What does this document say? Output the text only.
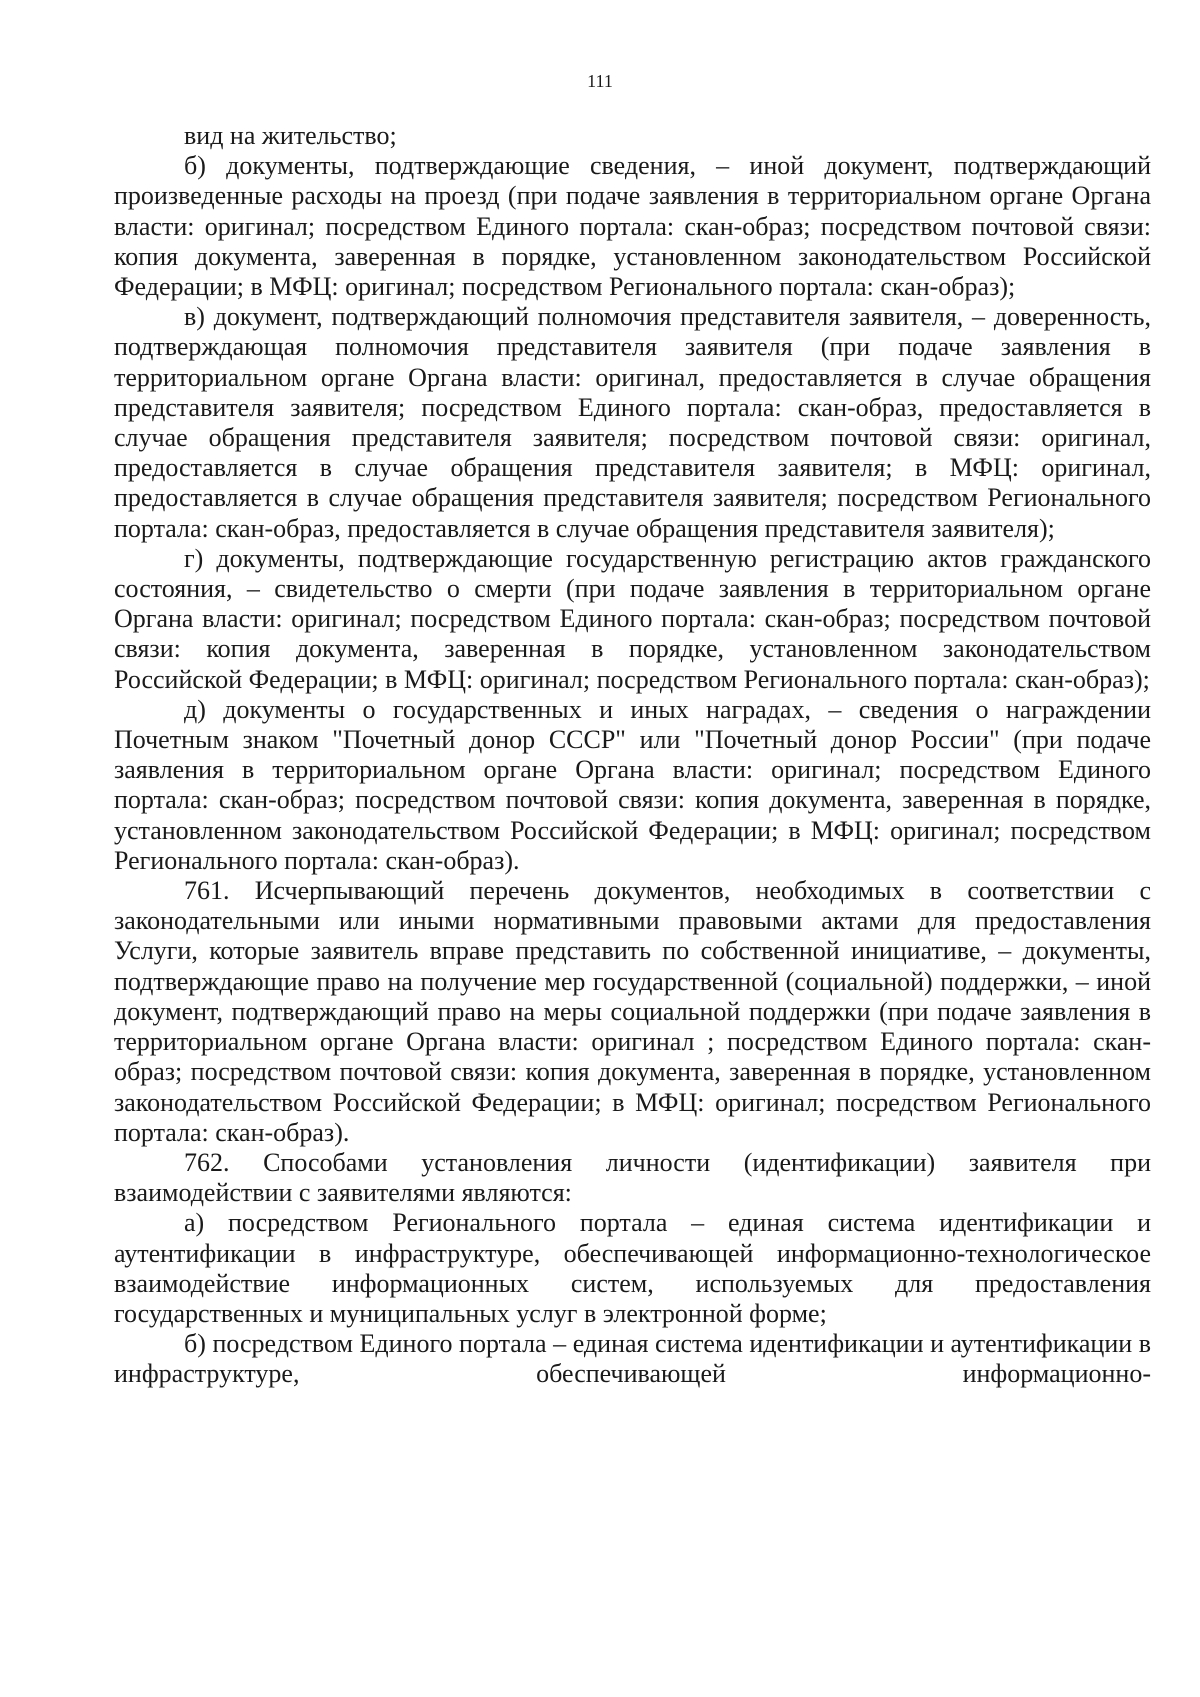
111

вид на жительство;

б) документы, подтверждающие сведения, – иной документ, подтверждающий произведенные расходы на проезд (при подаче заявления в территориальном органе Органа власти: оригинал; посредством Единого портала: скан-образ; посредством почтовой связи: копия документа, заверенная в порядке, установленном законодательством Российской Федерации; в МФЦ: оригинал; посредством Регионального портала: скан-образ);

в) документ, подтверждающий полномочия представителя заявителя, – доверенность, подтверждающая полномочия представителя заявителя (при подаче заявления в территориальном органе Органа власти: оригинал, предоставляется в случае обращения представителя заявителя; посредством Единого портала: скан-образ, предоставляется в случае обращения представителя заявителя; посредством почтовой связи: оригинал, предоставляется в случае обращения представителя заявителя; в МФЦ: оригинал, предоставляется в случае обращения представителя заявителя; посредством Регионального портала: скан-образ, предоставляется в случае обращения представителя заявителя);

г) документы, подтверждающие государственную регистрацию актов гражданского состояния, – свидетельство о смерти (при подаче заявления в территориальном органе Органа власти: оригинал; посредством Единого портала: скан-образ; посредством почтовой связи: копия документа, заверенная в порядке, установленном законодательством Российской Федерации; в МФЦ: оригинал; посредством Регионального портала: скан-образ);

д) документы о государственных и иных наградах, – сведения о награждении Почетным знаком "Почетный донор СССР" или "Почетный донор России" (при подаче заявления в территориальном органе Органа власти: оригинал; посредством Единого портала: скан-образ; посредством почтовой связи: копия документа, заверенная в порядке, установленном законодательством Российской Федерации; в МФЦ: оригинал; посредством Регионального портала: скан-образ).

761. Исчерпывающий перечень документов, необходимых в соответствии с законодательными или иными нормативными правовыми актами для предоставления Услуги, которые заявитель вправе представить по собственной инициативе, – документы, подтверждающие право на получение мер государственной (социальной) поддержки, – иной документ, подтверждающий право на меры социальной поддержки (при подаче заявления в территориальном органе Органа власти: оригинал ; посредством Единого портала: скан-образ; посредством почтовой связи: копия документа, заверенная в порядке, установленном законодательством Российской Федерации; в МФЦ: оригинал; посредством Регионального портала: скан-образ).

762. Способами установления личности (идентификации) заявителя при взаимодействии с заявителями являются:

а) посредством Регионального портала – единая система идентификации и аутентификации в инфраструктуре, обеспечивающей информационно-технологическое взаимодействие информационных систем, используемых для предоставления государственных и муниципальных услуг в электронной форме;

б) посредством Единого портала – единая система идентификации и аутентификации в инфраструктуре, обеспечивающей информационно-
